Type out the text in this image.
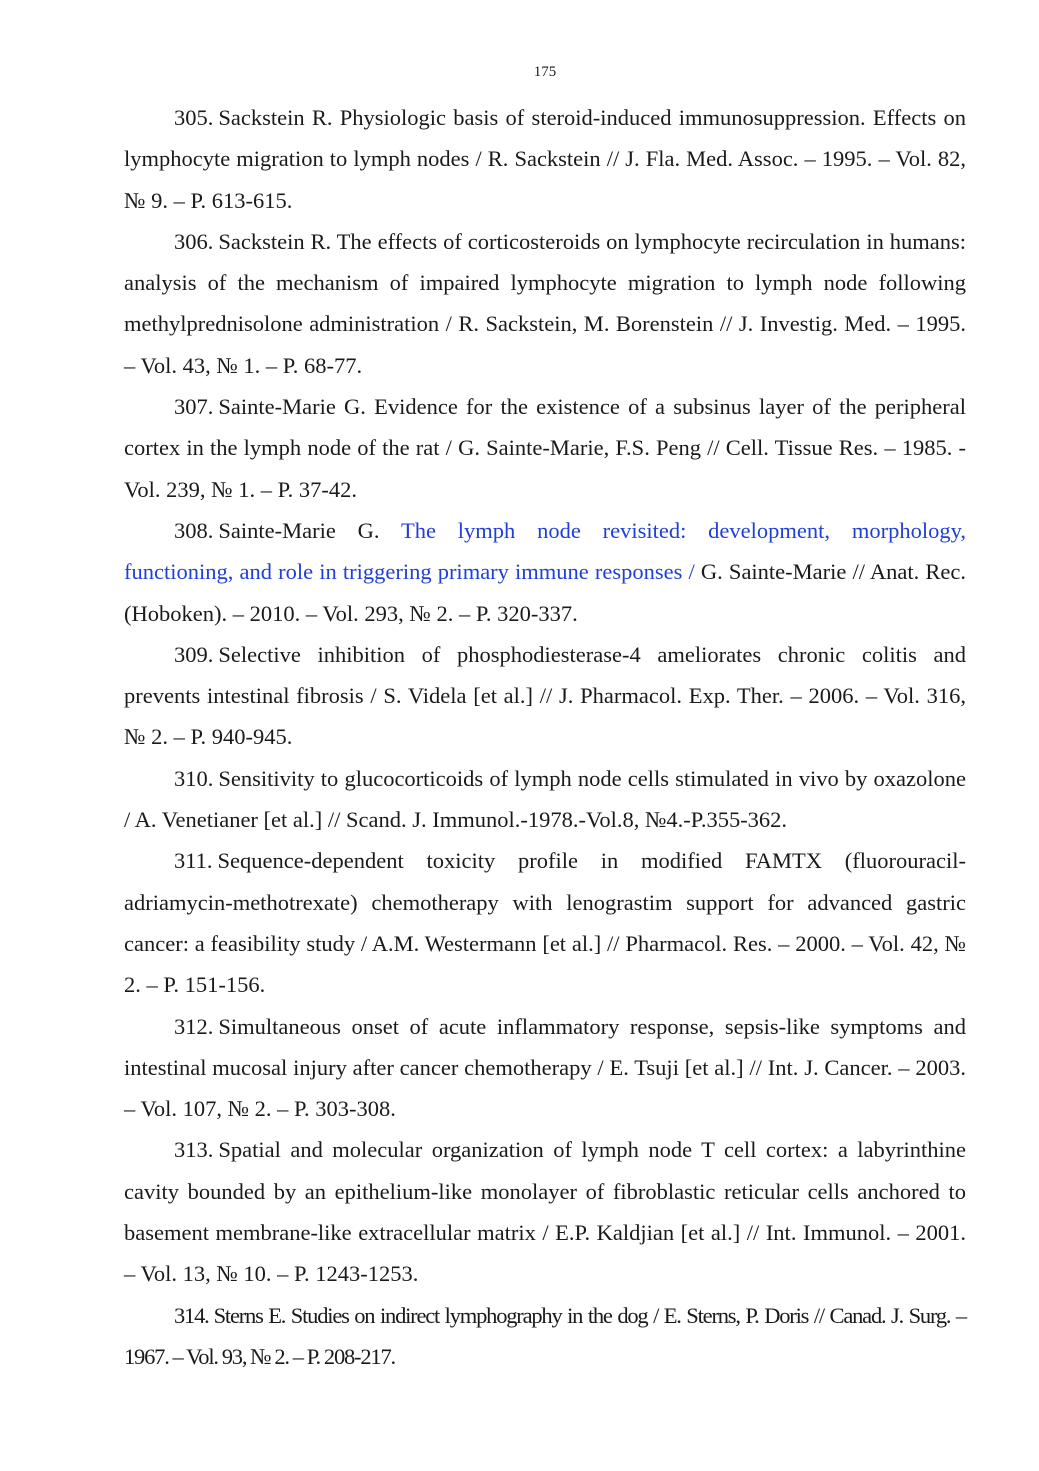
175

305. Sackstein R. Physiologic basis of steroid-induced immunosuppression. Effects on lymphocyte migration to lymph nodes / R. Sackstein // J. Fla. Med. Assoc. – 1995. – Vol. 82, № 9. – P. 613-615.

306. Sackstein R. The effects of corticosteroids on lymphocyte recirculation in humans: analysis of the mechanism of impaired lymphocyte migration to lymph node following methylprednisolone administration / R. Sackstein, M. Borenstein // J. Investig. Med. – 1995. – Vol. 43, № 1. – P. 68-77.

307. Sainte-Marie G. Evidence for the existence of a subsinus layer of the peripheral cortex in the lymph node of the rat / G. Sainte-Marie, F.S. Peng // Cell. Tissue Res. – 1985. - Vol. 239, № 1. – P. 37-42.

308. Sainte-Marie G. The lymph node revisited: development, morphology, functioning, and role in triggering primary immune responses / G. Sainte-Marie // Anat. Rec. (Hoboken). – 2010. – Vol. 293, № 2. – P. 320-337.

309. Selective inhibition of phosphodiesterase-4 ameliorates chronic colitis and prevents intestinal fibrosis / S. Videla [et al.] // J. Pharmacol. Exp. Ther. – 2006. – Vol. 316, № 2. – P. 940-945.

310. Sensitivity to glucocorticoids of lymph node cells stimulated in vivo by oxazolone / A. Venetianer [et al.] // Scand. J. Immunol.-1978.-Vol.8, №4.-P.355-362.

311. Sequence-dependent toxicity profile in modified FAMTX (fluorouracil-adriamycin-methotrexate) chemotherapy with lenograstim support for advanced gastric cancer: a feasibility study / A.M. Westermann [et al.] // Pharmacol. Res. – 2000. – Vol. 42, № 2. – P. 151-156.

312. Simultaneous onset of acute inflammatory response, sepsis-like symptoms and intestinal mucosal injury after cancer chemotherapy / E. Tsuji [et al.] // Int. J. Cancer. – 2003. – Vol. 107, № 2. – P. 303-308.

313. Spatial and molecular organization of lymph node T cell cortex: a labyrinthine cavity bounded by an epithelium-like monolayer of fibroblastic reticular cells anchored to basement membrane-like extracellular matrix / E.P. Kaldjian [et al.] // Int. Immunol. – 2001. – Vol. 13, № 10. – P. 1243-1253.

314. Sterns E. Studies on indirect lymphography in the dog / E. Sterns, P. Doris // Canad. J. Surg. – 1967. – Vol. 93, № 2. – P. 208-217.
